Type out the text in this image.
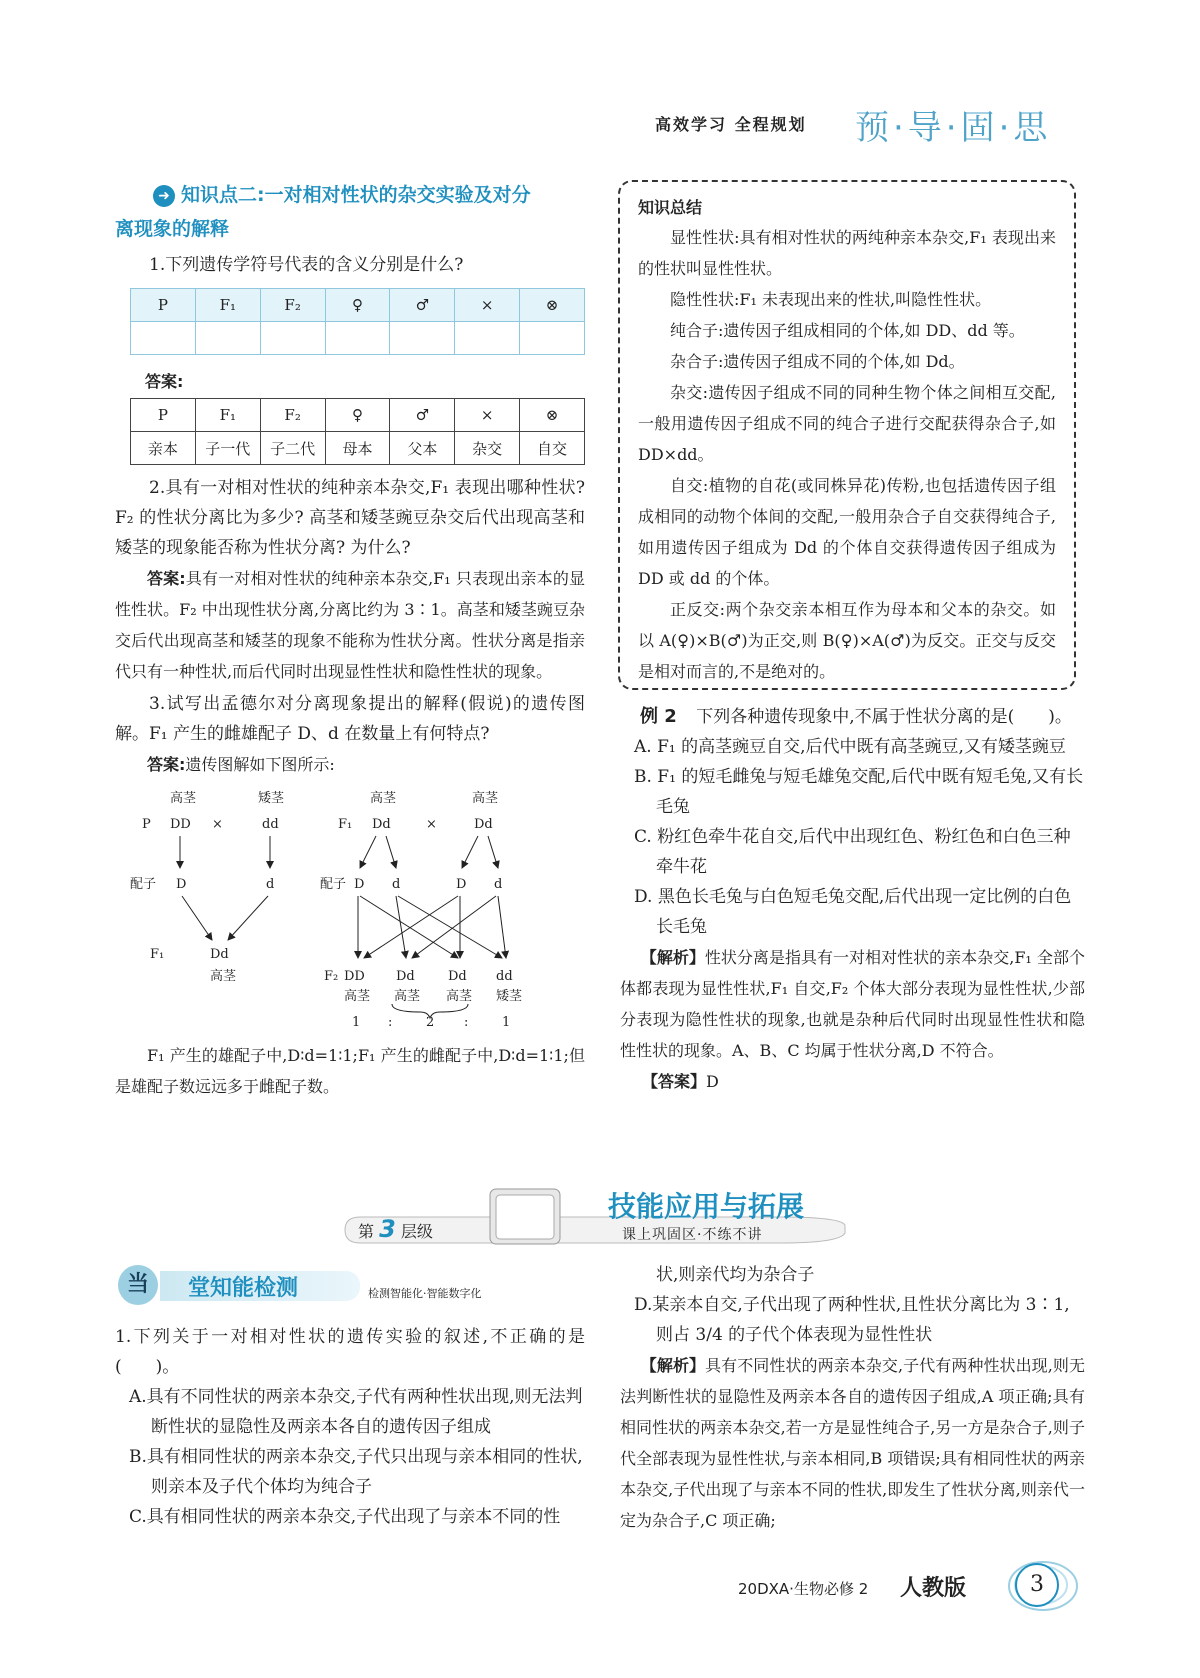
高效学习 全程规划 预·导·固·思
➜ 知识点二:一对相对性状的杂交实验及对分
离现象的解释

1.下列遗传学符号代表的含义分别是什么?

P	F₁	F₂	♀	♂	×	⊗

答案:

P	F₁	F₂	♀	♂	×	⊗
亲本	子一代	子二代	母本	父本	杂交	自交

2.具有一对相对性状的纯种亲本杂交,F₁ 表现出哪种性状? F₂ 的性状分离比为多少? 高茎和矮茎豌豆杂交后代出现高茎和矮茎的现象能否称为性状分离? 为什么?

答案:具有一对相对性状的纯种亲本杂交,F₁ 只表现出亲本的显性性状。F₂ 中出现性状分离,分离比约为 3∶1。高茎和矮茎豌豆杂交后代出现高茎和矮茎的现象不能称为性状分离。性状分离是指亲代只有一种性状,而后代同时出现显性性状和隐性性状的现象。

3.试写出孟德尔对分离现象提出的解释(假说)的遗传图解。F₁ 产生的雌雄配子 D、d 在数量上有何特点?

答案:遗传图解如下图所示:

高茎	矮茎
P DD ×	dd
配子 D	d
F₁	Dd
高茎
高茎	高茎
F₁ Dd	×	Dd
配子 D d	D d
F₂ DD Dd	Dd dd
高茎 高茎 高茎 矮茎
1 :	2 :	1

F₁ 产生的雄配子中,D∶d=1∶1;F₁ 产生的雌配子中,D∶d=1∶1;但是雄配子数远远多于雌配子数。

知识总结

显性性状:具有相对性状的两纯种亲本杂交,F₁ 表现出来的性状叫显性性状。

隐性性状:F₁ 未表现出来的性状,叫隐性性状。

纯合子:遗传因子组成相同的个体,如 DD、dd 等。

杂合子:遗传因子组成不同的个体,如 Dd。

杂交:遗传因子组成不同的同种生物个体之间相互交配,一般用遗传因子组成不同的纯合子进行交配获得杂合子,如 DD×dd。

自交:植物的自花(或同株异花)传粉,也包括遗传因子组成相同的动物个体间的交配,一般用杂合子自交获得纯合子,如用遗传因子组成为 Dd 的个体自交获得遗传因子组成为 DD 或 dd 的个体。

正反交:两个杂交亲本相互作为母本和父本的杂交。如以 A(♀)×B(♂)为正交,则 B(♀)×A(♂)为反交。正交与反交是相对而言的,不是绝对的。

例 2 下列各种遗传现象中,不属于性状分离的是(　　)。

A. F₁ 的高茎豌豆自交,后代中既有高茎豌豆,又有矮茎豌豆

B. F₁ 的短毛雌兔与短毛雄兔交配,后代中既有短毛兔,又有长毛兔

C. 粉红色牵牛花自交,后代中出现红色、粉红色和白色三种牵牛花

D. 黑色长毛兔与白色短毛兔交配,后代出现一定比例的白色长毛兔

【解析】性状分离是指具有一对相对性状的亲本杂交,F₁ 全部个体都表现为显性性状,F₁ 自交,F₂ 个体大部分表现为显性性状,少部分表现为隐性性状的现象,也就是杂种后代同时出现显性性状和隐性性状的现象。A、B、C 均属于性状分离,D 不符合。

【答案】D

第 3 层级
技能应用与拓展
课上巩固区·不练不讲
当	堂知能检测	检测智能化·智能数字化

1.下列关于一对相对性状的遗传实验的叙述,不正确的是(　　)。

A.具有不同性状的两亲本杂交,子代有两种性状出现,则无法判断性状的显隐性及两亲本各自的遗传因子组成

B.具有相同性状的两亲本杂交,子代只出现与亲本相同的性状,则亲本及子代个体均为纯合子

C.具有相同性状的两亲本杂交,子代出现了与亲本不同的性

状,则亲代均为杂合子

D.某亲本自交,子代出现了两种性状,且性状分离比为 3∶1,则占 3/4 的子代个体表现为显性性状

【解析】具有不同性状的两亲本杂交,子代有两种性状出现,则无法判断性状的显隐性及两亲本各自的遗传因子组成,A 项正确;具有相同性状的两亲本杂交,若一方是显性纯合子,另一方是杂合子,则子代全部表现为显性性状,与亲本相同,B 项错误;具有相同性状的两亲本杂交,子代出现了与亲本不同的性状,即发生了性状分离,则亲代一定为杂合子,C 项正确;

20DXA·生物必修 2 人教版	3
